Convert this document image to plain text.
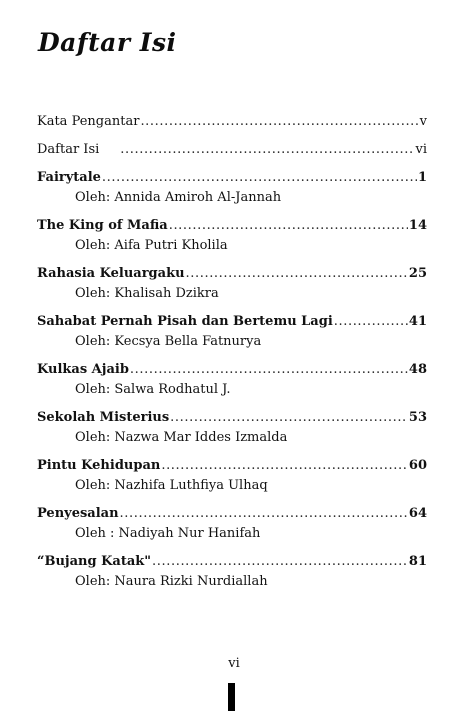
Daftar Isi
Kata Pengantar .....	v
Daftar Isi .....	vi
Fairytale .....	1
Oleh: Annida Amiroh Al-Jannah
The King of Mafia .....	14
Oleh: Aifa Putri Kholila
Rahasia Keluargaku .....	25
Oleh: Khalisah Dzikra
Sahabat Pernah Pisah dan Bertemu Lagi .....	41
Oleh: Kecsya Bella Fatnurya
Kulkas Ajaib .....	48
Oleh: Salwa Rodhatul J.
Sekolah Misterius .....	53
Oleh: Nazwa Mar Iddes Izmalda
Pintu Kehidupan .....	60
Oleh: Nazhifa Luthfiya Ulhaq
Penyesalan .....	64
Oleh : Nadiyah Nur Hanifah
“Bujang Katak" .....	81
Oleh: Naura Rizki Nurdiallah
vi
